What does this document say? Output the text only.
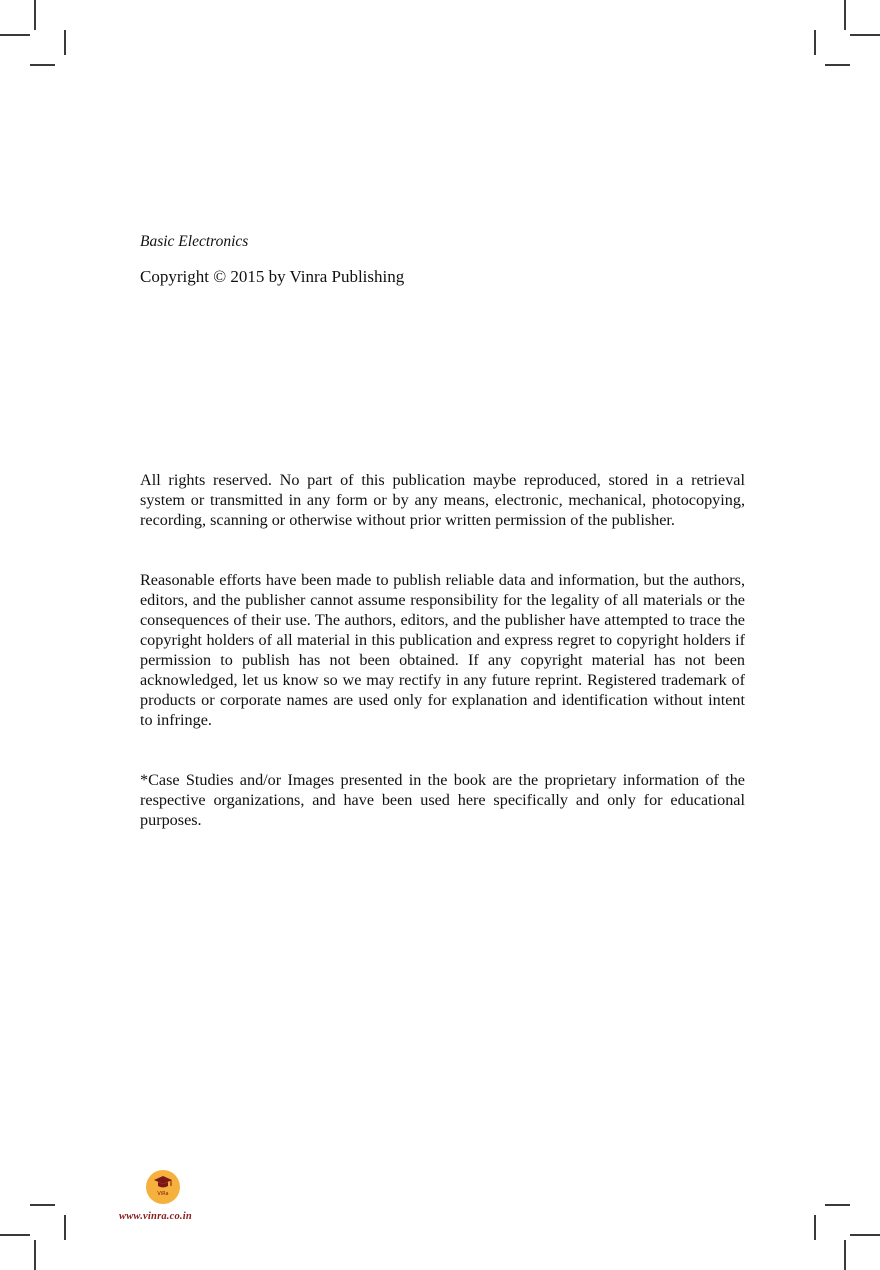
Basic Electronics
Copyright © 2015 by Vinra Publishing

All rights reserved. No part of this publication maybe reproduced, stored in a retrieval system or transmitted in any form or by any means, electronic, mechanical, photocopying, recording, scanning or otherwise without prior written permission of the publisher.

Reasonable efforts have been made to publish reliable data and information, but the authors, editors, and the publisher cannot assume responsibility for the legality of all materials or the consequences of their use. The authors, editors, and the publisher have attempted to trace the copyright holders of all material in this publication and express regret to copyright holders if permission to publish has not been obtained. If any copyright material has not been acknowledged, let us know so we may rectify in any future reprint. Registered trademark of products or corporate names are used only for explanation and identification without intent to infringe.

*Case Studies and/or Images presented in the book are the proprietary information of the respective organizations, and have been used here specifically and only for educational purposes.

ViRa
www.vinra.co.in
